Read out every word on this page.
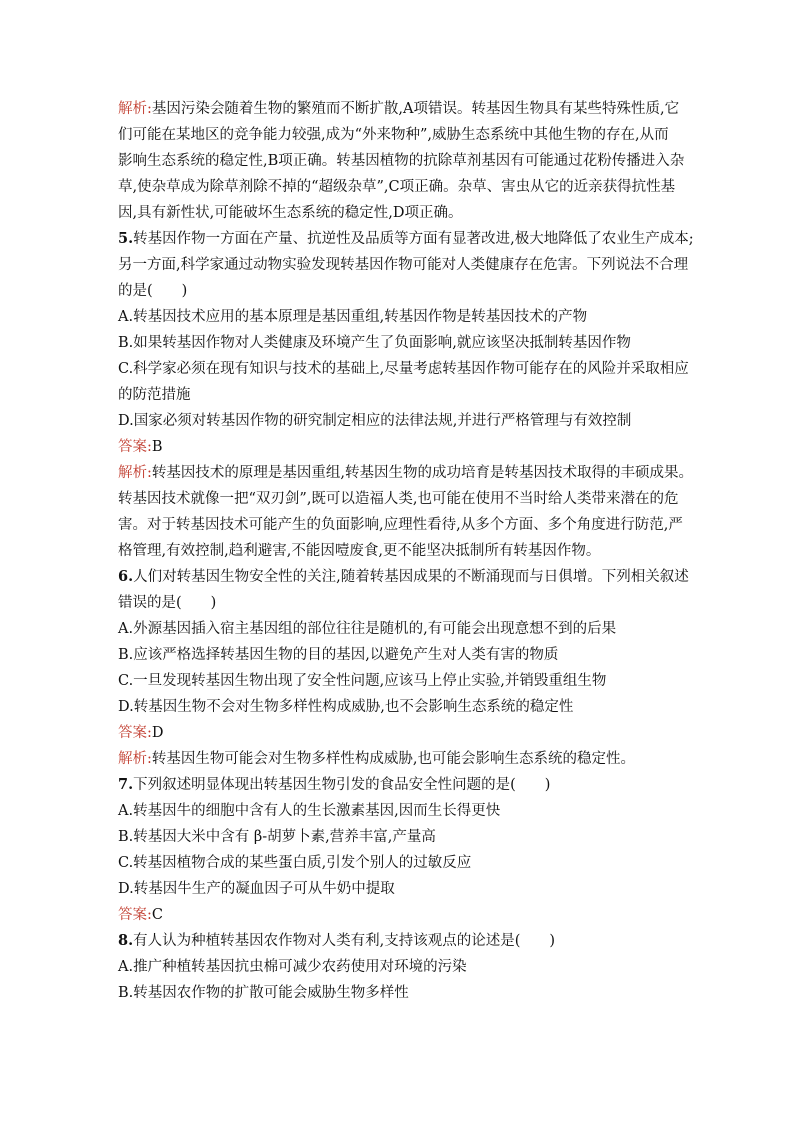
解析:基因污染会随着生物的繁殖而不断扩散,A项错误。转基因生物具有某些特殊性质,它
们可能在某地区的竞争能力较强,成为“外来物种”,威胁生态系统中其他生物的存在,从而
影响生态系统的稳定性,B项正确。转基因植物的抗除草剂基因有可能通过花粉传播进入杂
草,使杂草成为除草剂除不掉的“超级杂草”,C项正确。杂草、害虫从它的近亲获得抗性基
因,具有新性状,可能破坏生态系统的稳定性,D项正确。
5.转基因作物一方面在产量、抗逆性及品质等方面有显著改进,极大地降低了农业生产成本;
另一方面,科学家通过动物实验发现转基因作物可能对人类健康存在危害。下列说法不合理
的是(　　)
A.转基因技术应用的基本原理是基因重组,转基因作物是转基因技术的产物
B.如果转基因作物对人类健康及环境产生了负面影响,就应该坚决抵制转基因作物
C.科学家必须在现有知识与技术的基础上,尽量考虑转基因作物可能存在的风险并采取相应
的防范措施
D.国家必须对转基因作物的研究制定相应的法律法规,并进行严格管理与有效控制
答案:B
解析:转基因技术的原理是基因重组,转基因生物的成功培育是转基因技术取得的丰硕成果。
转基因技术就像一把“双刃剑”,既可以造福人类,也可能在使用不当时给人类带来潜在的危
害。对于转基因技术可能产生的负面影响,应理性看待,从多个方面、多个角度进行防范,严
格管理,有效控制,趋利避害,不能因噎废食,更不能坚决抵制所有转基因作物。
6.人们对转基因生物安全性的关注,随着转基因成果的不断涌现而与日俱增。下列相关叙述
错误的是(　　)
A.外源基因插入宿主基因组的部位往往是随机的,有可能会出现意想不到的后果
B.应该严格选择转基因生物的目的基因,以避免产生对人类有害的物质
C.一旦发现转基因生物出现了安全性问题,应该马上停止实验,并销毁重组生物
D.转基因生物不会对生物多样性构成威胁,也不会影响生态系统的稳定性
答案:D
解析:转基因生物可能会对生物多样性构成威胁,也可能会影响生态系统的稳定性。
7.下列叙述明显体现出转基因生物引发的食品安全性问题的是(　　)
A.转基因牛的细胞中含有人的生长激素基因,因而生长得更快
B.转基因大米中含有 β-胡萝卜素,营养丰富,产量高
C.转基因植物合成的某些蛋白质,引发个别人的过敏反应
D.转基因牛生产的凝血因子可从牛奶中提取
答案:C
8.有人认为种植转基因农作物对人类有利,支持该观点的论述是(　　)
A.推广种植转基因抗虫棉可减少农药使用对环境的污染
B.转基因农作物的扩散可能会威胁生物多样性
